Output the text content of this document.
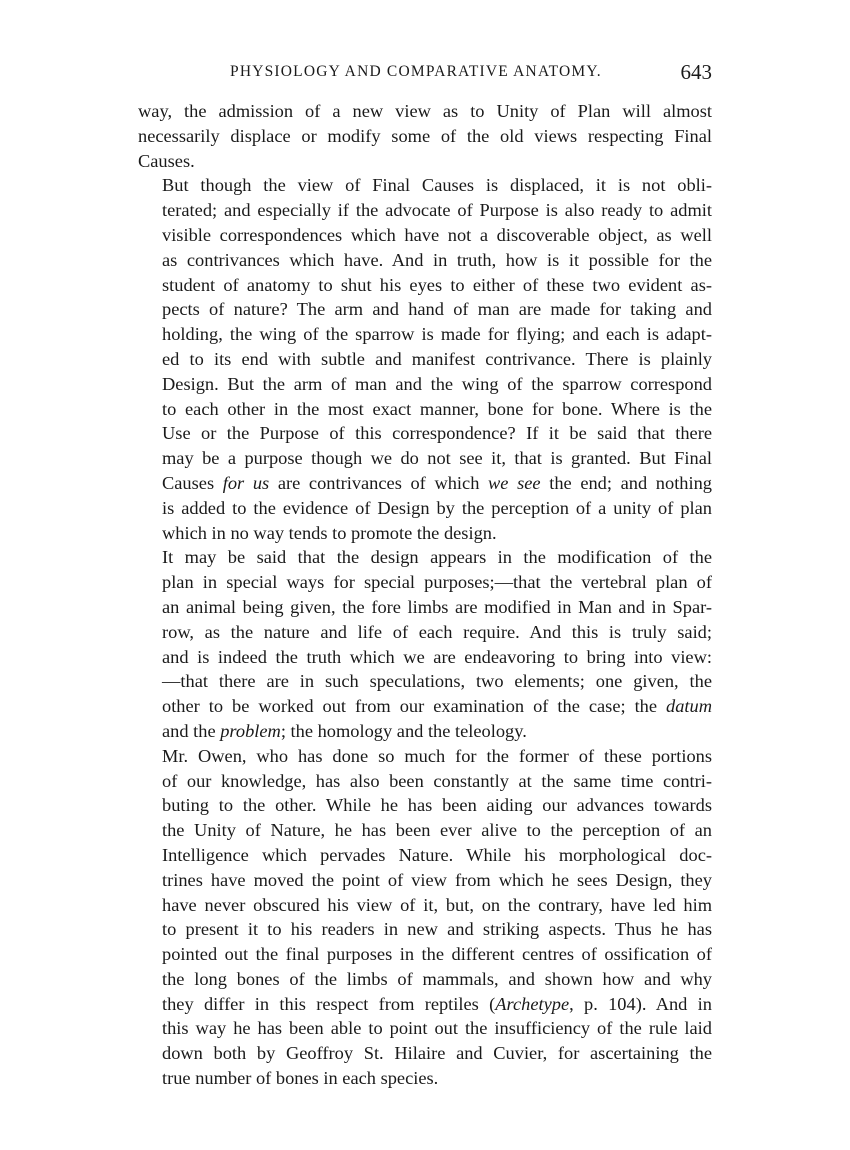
PHYSIOLOGY AND COMPARATIVE ANATOMY.	643

way, the admission of a new view as to Unity of Plan will almost
necessarily displace or modify some of the old views respecting Final
Causes.

But though the view of Final Causes is displaced, it is not obli-
terated; and especially if the advocate of Purpose is also ready to admit
visible correspondences which have not a discoverable object, as well
as contrivances which have. And in truth, how is it possible for the
student of anatomy to shut his eyes to either of these two evident as-
pects of nature? The arm and hand of man are made for taking and
holding, the wing of the sparrow is made for flying; and each is adapt-
ed to its end with subtle and manifest contrivance. There is plainly
Design. But the arm of man and the wing of the sparrow correspond
to each other in the most exact manner, bone for bone. Where is the
Use or the Purpose of this correspondence? If it be said that there
may be a purpose though we do not see it, that is granted. But Final
Causes for us are contrivances of which we see the end; and nothing
is added to the evidence of Design by the perception of a unity of plan
which in no way tends to promote the design.

It may be said that the design appears in the modification of the
plan in special ways for special purposes;—that the vertebral plan of
an animal being given, the fore limbs are modified in Man and in Spar-
row, as the nature and life of each require. And this is truly said;
and is indeed the truth which we are endeavoring to bring into view:
—that there are in such speculations, two elements; one given, the
other to be worked out from our examination of the case; the datum
and the problem; the homology and the teleology.

Mr. Owen, who has done so much for the former of these portions
of our knowledge, has also been constantly at the same time contri-
buting to the other. While he has been aiding our advances towards
the Unity of Nature, he has been ever alive to the perception of an
Intelligence which pervades Nature. While his morphological doc-
trines have moved the point of view from which he sees Design, they
have never obscured his view of it, but, on the contrary, have led him
to present it to his readers in new and striking aspects. Thus he has
pointed out the final purposes in the different centres of ossification of
the long bones of the limbs of mammals, and shown how and why
they differ in this respect from reptiles (Archetype, p. 104). And in
this way he has been able to point out the insufficiency of the rule laid
down both by Geoffroy St. Hilaire and Cuvier, for ascertaining the
true number of bones in each species.
